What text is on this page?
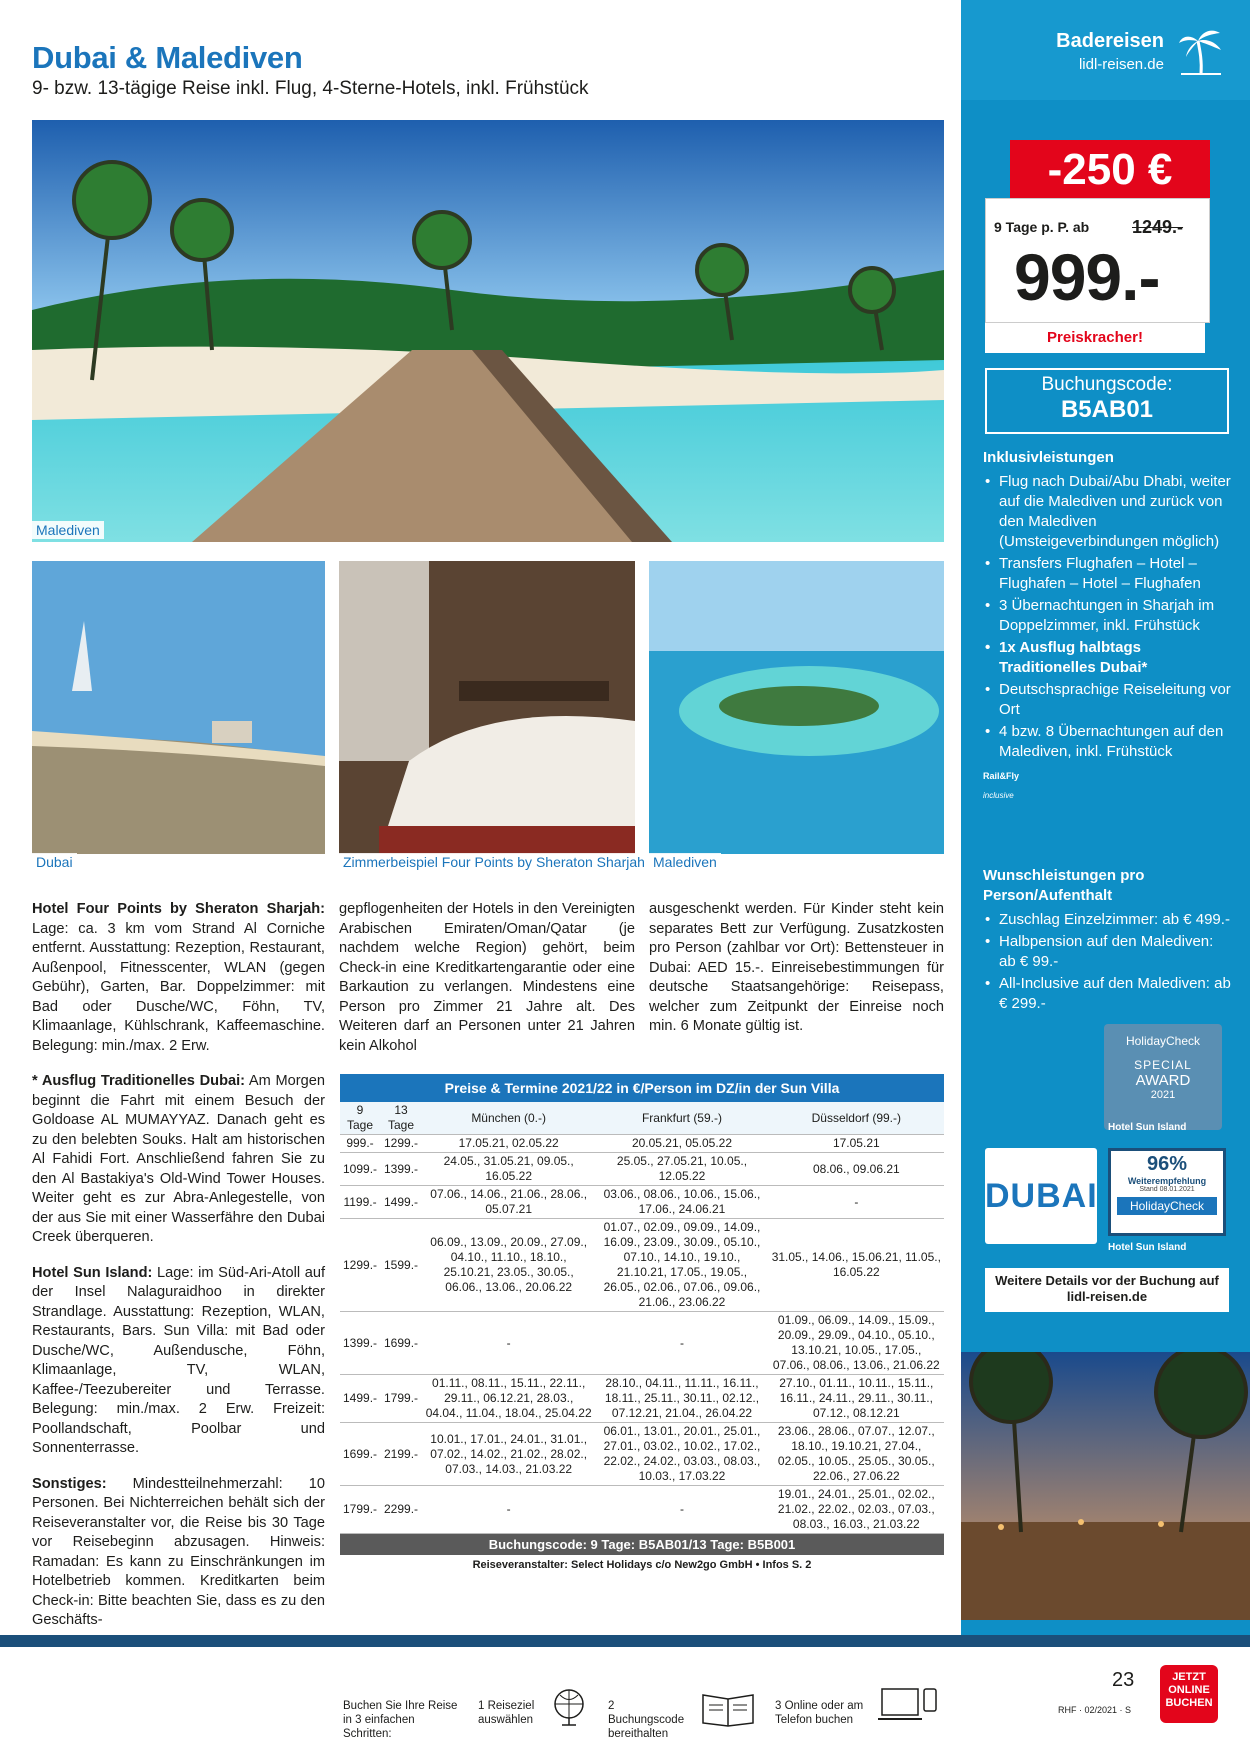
Dubai & Malediven
9- bzw. 13-tägige Reise inkl. Flug, 4-Sterne-Hotels, inkl. Frühstück
Badereisen
lidl-reisen.de
Malediven
-250 €
9 Tage p. P. ab 1249.-
999.-
Preiskracher!
Buchungscode:
B5AB01
Inklusivleistungen
• Flug nach Dubai/Abu Dhabi, weiter auf die Malediven und zurück von den Malediven (Umsteigeverbindungen möglich)
• Transfers Flughafen – Hotel – Flughafen – Hotel – Flughafen
• 3 Übernachtungen in Sharjah im Doppelzimmer, inkl. Frühstück
• 1x Ausflug halbtags Traditionelles Dubai*
• Deutschsprachige Reiseleitung vor Ort
• 4 bzw. 8 Übernachtungen auf den Malediven, inkl. Frühstück
Rail&Fly
inclusive
Wunschleistungen pro Person/Aufenthalt
• Zuschlag Einzelzimmer: ab € 499.-
• Halbpension auf den Malediven: ab € 99.-
• All-Inclusive auf den Malediven: ab € 299.-
HolidayCheck
SPECIAL
AWARD
2021
Hotel Sun Island
DUBAI
96%
Weiterempfehlung
Stand 08.01.2021
HolidayCheck
Hotel Sun Island
Weitere Details vor der Buchung auf lidl-reisen.de
Dubai	Zimmerbeispiel Four Points by Sheraton Sharjah Malediven

Hotel Four Points by Sheraton Sharjah: Lage: ca. 3 km vom Strand Al Corniche entfernt. Ausstattung: Rezeption, Restaurant, Außenpool, Fitnesscenter, WLAN (gegen Gebühr), Garten, Bar. Doppelzimmer: mit Bad oder Dusche/WC, Föhn, TV, Klimaanlage, Kühlschrank, Kaffeemaschine. Belegung: min./max. 2 Erw.

* Ausflug Traditionelles Dubai: Am Morgen beginnt die Fahrt mit einem Besuch der Goldoase AL MUMAYYAZ. Danach geht es zu den belebten Souks. Halt am historischen Al Fahidi Fort. Anschließend fahren Sie zu den Al Bastakiya's Old-Wind Tower Houses. Weiter geht es zur Abra-Anlegestelle, von der aus Sie mit einer Wasserfähre den Dubai Creek überqueren.

Hotel Sun Island: Lage: im Süd-Ari-Atoll auf der Insel Nalaguraidhoo in direkter Strandlage. Ausstattung: Rezeption, WLAN, Restaurants, Bars. Sun Villa: mit Bad oder Dusche/WC, Außendusche, Föhn, Klimaanlage, TV, WLAN, Kaffee-/Teezubereiter und Terrasse. Belegung: min./max. 2 Erw. Freizeit: Poollandschaft, Poolbar und Sonnenterrasse.

Sonstiges: Mindestteilnehmerzahl: 10 Personen. Bei Nichterreichen behält sich der Reiseveranstalter vor, die Reise bis 30 Tage vor Reisebeginn abzusagen. Hinweis: Ramadan: Es kann zu Einschränkungen im Hotelbetrieb kommen. Kreditkarten beim Check-in: Bitte beachten Sie, dass es zu den Geschäfts-

gepflogenheiten der Hotels in den Vereinigten Arabischen Emiraten/Oman/Qatar (je nachdem welche Region) gehört, beim Check-in eine Kreditkartengarantie oder eine Barkaution zu verlangen. Mindestens eine Person pro Zimmer 21 Jahre alt. Des Weiteren darf an Personen unter 21 Jahren kein Alkohol
ausgeschenkt werden. Für Kinder steht kein separates Bett zur Verfügung. Zusatzkosten pro Person (zahlbar vor Ort): Bettensteuer in Dubai: AED 15.-. Einreisebestimmungen für deutsche Staatsangehörige: Reisepass, welcher zum Zeitpunkt der Einreise noch min. 6 Monate gültig ist.
Preise & Termine 2021/22 in €/Person im DZ/in der Sun Villa
9 Tage	13 Tage	München (0.-)	Frankfurt (59.-)	Düsseldorf (99.-)
999.-	1299.-	17.05.21, 02.05.22	20.05.21, 05.05.22	17.05.21
1099.-	1399.-	24.05., 31.05.21, 09.05., 16.05.22	25.05., 27.05.21, 10.05., 12.05.22	08.06., 09.06.21
1199.-	1499.-	07.06., 14.06., 21.06., 28.06., 05.07.21	03.06., 08.06., 10.06., 15.06., 17.06., 24.06.21	-
1299.-	1599.-	06.09., 13.09., 20.09., 27.09., 04.10., 11.10., 18.10., 25.10.21, 23.05., 30.05., 06.06., 13.06., 20.06.22	01.07., 02.09., 09.09., 14.09., 16.09., 23.09., 30.09., 05.10., 07.10., 14.10., 19.10., 21.10.21, 17.05., 19.05., 26.05., 02.06., 07.06., 09.06., 21.06., 23.06.22	31.05., 14.06., 15.06.21, 11.05., 16.05.22
1399.-	1699.-	-	-	01.09., 06.09., 14.09., 15.09., 20.09., 29.09., 04.10., 05.10., 13.10.21, 10.05., 17.05., 07.06., 08.06., 13.06., 21.06.22
1499.-	1799.-	01.11., 08.11., 15.11., 22.11., 29.11., 06.12.21, 28.03., 04.04., 11.04., 18.04., 25.04.22	28.10., 04.11., 11.11., 16.11., 18.11., 25.11., 30.11., 02.12., 07.12.21, 21.04., 26.04.22	27.10., 01.11., 10.11., 15.11., 16.11., 24.11., 29.11., 30.11., 07.12., 08.12.21
1699.-	2199.-	10.01., 17.01., 24.01., 31.01., 07.02., 14.02., 21.02., 28.02., 07.03., 14.03., 21.03.22	06.01., 13.01., 20.01., 25.01., 27.01., 03.02., 10.02., 17.02., 22.02., 24.02., 03.03., 08.03., 10.03., 17.03.22	23.06., 28.06., 07.07., 12.07., 18.10., 19.10.21, 27.04., 02.05., 10.05., 25.05., 30.05., 22.06., 27.06.22
1799.-	2299.-	-	-	19.01., 24.01., 25.01., 02.02., 21.02., 22.02., 02.03., 07.03., 08.03., 16.03., 21.03.22
Buchungscode: 9 Tage: B5AB01/13 Tage: B5B001
Reiseveranstalter: Select Holidays c/o New2go GmbH • Infos S. 2
Buchen Sie Ihre Reise in 3 einfachen Schritten:
1 Reiseziel auswählen
2 Buchungscode bereithalten
3 Online oder am Telefon buchen
23
RHF · 02/2021 · S
JETZT ONLINE BUCHEN
